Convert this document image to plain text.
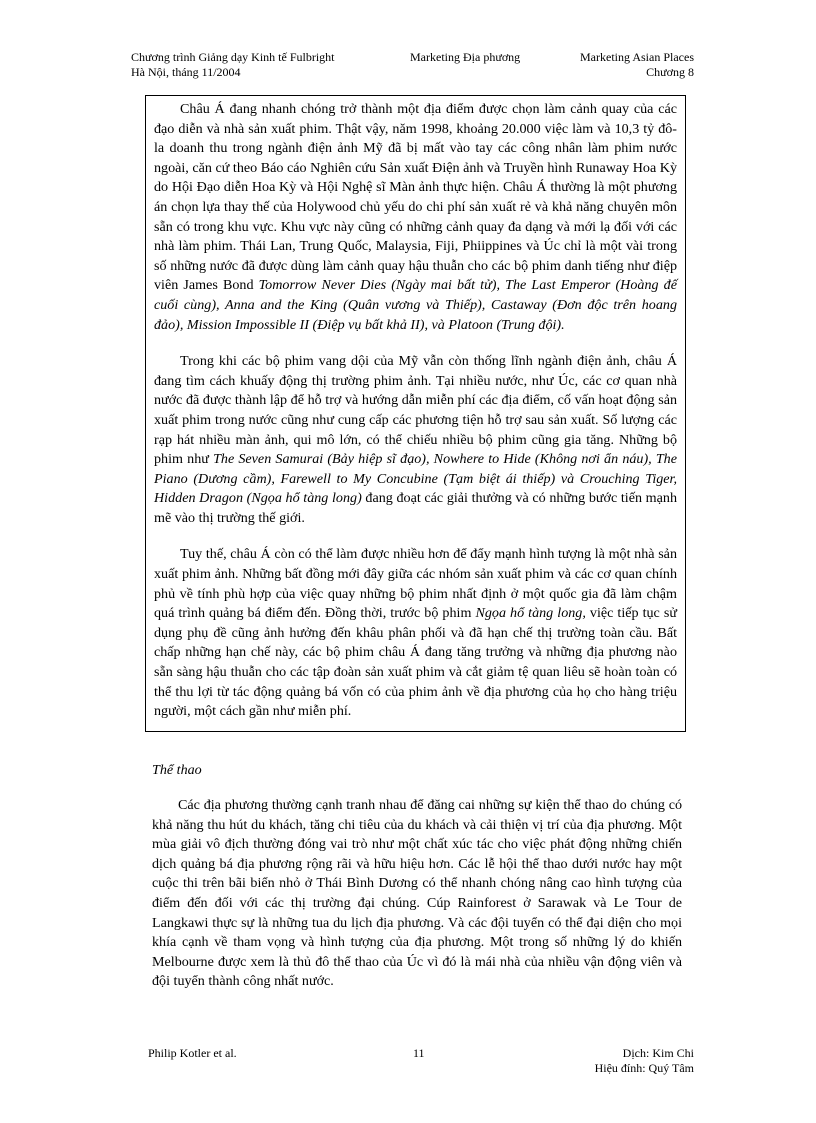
Chương trình Giảng dạy Kinh tế Fulbright
Hà Nội, tháng 11/2004
Marketing Địa phương	Marketing Asian Places
Chương 8

Châu Á đang nhanh chóng trở thành một địa điểm được chọn làm cảnh quay của các đạo diễn và nhà sản xuất phim. Thật vậy, năm 1998, khoảng 20.000 việc làm và 10,3 tỷ đô-la doanh thu trong ngành điện ảnh Mỹ đã bị mất vào tay các công nhân làm phim nước ngoài, căn cứ theo Báo cáo Nghiên cứu Sản xuất Điện ảnh và Truyền hình Runaway Hoa Kỳ do Hội Đạo diễn Hoa Kỳ và Hội Nghệ sĩ Màn ảnh thực hiện. Châu Á thường là một phương án chọn lựa thay thế của Holywood chủ yếu do chi phí sản xuất rẻ và khả năng chuyên môn sẵn có trong khu vực. Khu vực này cũng có những cảnh quay đa dạng và mới lạ đối với các nhà làm phim. Thái Lan, Trung Quốc, Malaysia, Fiji, Phiippines và Úc chỉ là một vài trong số những nước đã được dùng làm cảnh quay hậu thuẫn cho các bộ phim danh tiếng như điệp viên James Bond Tomorrow Never Dies (Ngày mai bất tử), The Last Emperor (Hoàng đế cuối cùng), Anna and the King (Quân vương và Thiếp), Castaway (Đơn độc trên hoang đảo), Mission Impossible II (Điệp vụ bất khả II), và Platoon (Trung đội).

Trong khi các bộ phim vang dội của Mỹ vẫn còn thống lĩnh ngành điện ảnh, châu Á đang tìm cách khuấy động thị trường phim ảnh. Tại nhiều nước, như Úc, các cơ quan nhà nước đã được thành lập để hỗ trợ và hướng dẫn miễn phí các địa điểm, cố vấn hoạt động sản xuất phim trong nước cũng như cung cấp các phương tiện hỗ trợ sau sản xuất. Số lượng các rạp hát nhiều màn ảnh, qui mô lớn, có thể chiếu nhiều bộ phim cũng gia tăng. Những bộ phim như The Seven Samurai (Bảy hiệp sĩ đạo), Nowhere to Hide (Không nơi ẩn náu), The Piano (Dương cầm), Farewell to My Concubine (Tạm biệt ái thiếp) và Crouching Tiger, Hidden Dragon (Ngọa hổ tàng long) đang đoạt các giải thưởng và có những bước tiến mạnh mẽ vào thị trường thế giới.

Tuy thế, châu Á còn có thể làm được nhiều hơn để đẩy mạnh hình tượng là một nhà sản xuất phim ảnh. Những bất đồng mới đây giữa các nhóm sản xuất phim và các cơ quan chính phủ về tính phù hợp của việc quay những bộ phim nhất định ở một quốc gia đã làm chậm quá trình quảng bá điểm đến. Đồng thời, trước bộ phim Ngọa hổ tàng long, việc tiếp tục sử dụng phụ đề cũng ảnh hưởng đến khâu phân phối và đã hạn chế thị trường toàn cầu. Bất chấp những hạn chế này, các bộ phim châu Á đang tăng trưởng và những địa phương nào sẵn sàng hậu thuẫn cho các tập đoàn sản xuất phim và cắt giảm tệ quan liêu sẽ hoàn toàn có thể thu lợi từ tác động quảng bá vốn có của phim ảnh về địa phương của họ cho hàng triệu người, một cách gần như miễn phí.

Thể thao

Các địa phương thường cạnh tranh nhau để đăng cai những sự kiện thể thao do chúng có khả năng thu hút du khách, tăng chi tiêu của du khách và cải thiện vị trí của địa phương. Một mùa giải vô địch thường đóng vai trò như một chất xúc tác cho việc phát động những chiến dịch quảng bá địa phương rộng rãi và hữu hiệu hơn. Các lễ hội thể thao dưới nước hay một cuộc thi trên bãi biển nhỏ ở Thái Bình Dương có thể nhanh chóng nâng cao hình tượng của điểm đến đối với các thị trường đại chúng. Cúp Rainforest ở Sarawak và Le Tour de Langkawi thực sự là những tua du lịch địa phương. Và các đội tuyển có thể đại diện cho mọi khía cạnh về tham vọng và hình tượng của địa phương. Một trong số những lý do khiến Melbourne được xem là thủ đô thể thao của Úc vì đó là mái nhà của nhiều vận động viên và đội tuyển thành công nhất nước.

Philip Kotler et al.	11	Dịch: Kim Chi
Hiệu đính: Quý Tâm
